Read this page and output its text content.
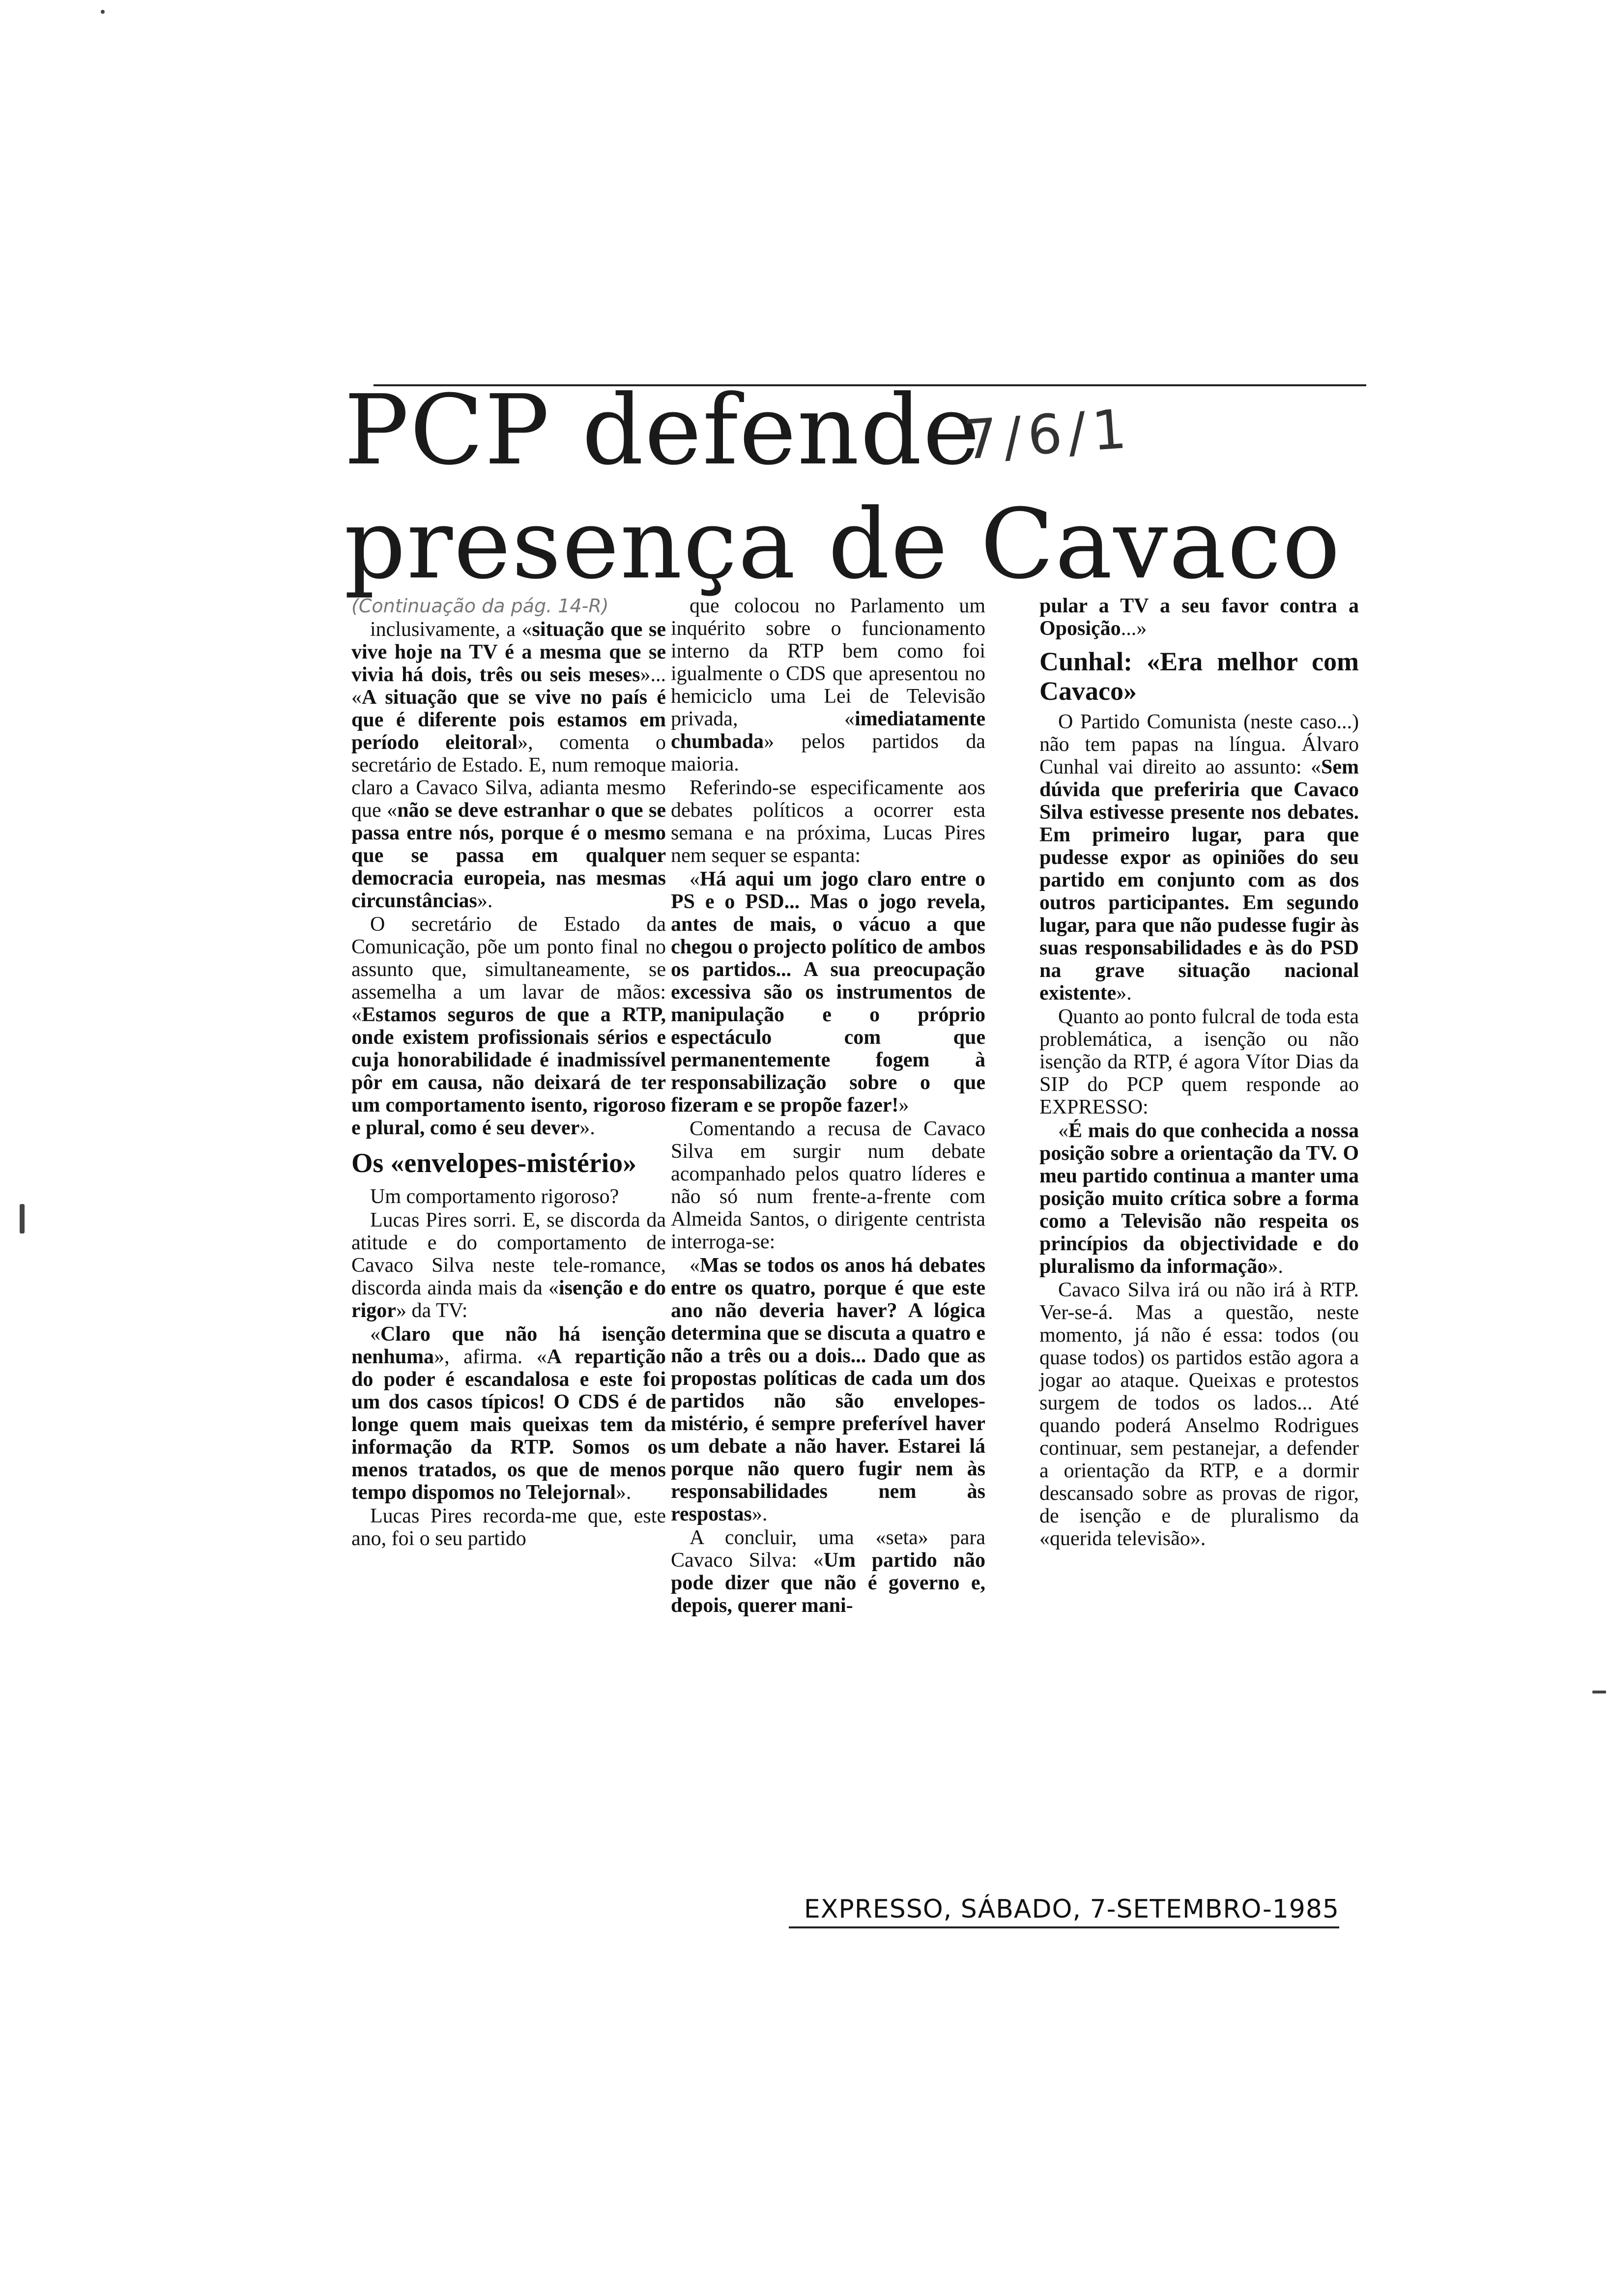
PCP defende
presença de Cavaco
7/6/1

(Continuação da pág. 14-R)

inclusivamente, a «situação que se vive hoje na TV é a mesma que se vivia há dois, três ou seis meses»... «A situação que se vive no país é que é diferente pois estamos em período eleitoral», comenta o secretário de Estado. E, num remoque claro a Cavaco Silva, adianta mesmo que «não se deve estranhar o que se passa entre nós, porque é o mesmo que se passa em qualquer democracia europeia, nas mesmas circunstâncias».

O secretário de Estado da Comunicação, põe um ponto final no assunto que, simultaneamente, se assemelha a um lavar de mãos: «Estamos seguros de que a RTP, onde existem profissionais sérios e cuja honorabilidade é inadmissível pôr em causa, não deixará de ter um comportamento isento, rigoroso e plural, como é seu dever».

Os «envelopes-mistério»

Um comportamento rigoroso?

Lucas Pires sorri. E, se discorda da atitude e do comportamento de Cavaco Silva neste tele-romance, discorda ainda mais da «isenção e do rigor» da TV:

«Claro que não há isenção nenhuma», afirma. «A repartição do poder é escandalosa e este foi um dos casos típicos! O CDS é de longe quem mais queixas tem da informação da RTP. Somos os menos tratados, os que de menos tempo dispomos no Telejornal».

Lucas Pires recorda-me que, este ano, foi o seu partido

que colocou no Parlamento um inquérito sobre o funcionamento interno da RTP bem como foi igualmente o CDS que apresentou no hemiciclo uma Lei de Televisão privada, «imediatamente chumbada» pelos partidos da maioria.

Referindo-se especificamente aos debates políticos a ocorrer esta semana e na próxima, Lucas Pires nem sequer se espanta:

«Há aqui um jogo claro entre o PS e o PSD... Mas o jogo revela, antes de mais, o vácuo a que chegou o projecto político de ambos os partidos... A sua preocupação excessiva são os instrumentos de manipulação e o próprio espectáculo com que permanentemente fogem à responsabilização sobre o que fizeram e se propõe fazer!»

Comentando a recusa de Cavaco Silva em surgir num debate acompanhado pelos quatro líderes e não só num frente-a-frente com Almeida Santos, o dirigente centrista interroga-se:

«Mas se todos os anos há debates entre os quatro, porque é que este ano não deveria haver? A lógica determina que se discuta a quatro e não a três ou a dois... Dado que as propostas políticas de cada um dos partidos não são envelopes-mistério, é sempre preferível haver um debate a não haver. Estarei lá porque não quero fugir nem às responsabilidades nem às respostas».

A concluir, uma «seta» para Cavaco Silva: «Um partido não pode dizer que não é governo e, depois, querer mani-

pular a TV a seu favor contra a Oposição...»

Cunhal: «Era melhor com Cavaco»

O Partido Comunista (neste caso...) não tem papas na língua. Álvaro Cunhal vai direito ao assunto: «Sem dúvida que preferiria que Cavaco Silva estivesse presente nos debates. Em primeiro lugar, para que pudesse expor as opiniões do seu partido em conjunto com as dos outros participantes. Em segundo lugar, para que não pudesse fugir às suas responsabilidades e às do PSD na grave situação nacional existente».

Quanto ao ponto fulcral de toda esta problemática, a isenção ou não isenção da RTP, é agora Vítor Dias da SIP do PCP quem responde ao EXPRESSO:

«É mais do que conhecida a nossa posição sobre a orientação da TV. O meu partido continua a manter uma posição muito crítica sobre a forma como a Televisão não respeita os princípios da objectividade e do pluralismo da informação».

Cavaco Silva irá ou não irá à RTP. Ver-se-á. Mas a questão, neste momento, já não é essa: todos (ou quase todos) os partidos estão agora a jogar ao ataque. Queixas e protestos surgem de todos os lados... Até quando poderá Anselmo Rodrigues continuar, sem pestanejar, a defender a orientação da RTP, e a dormir descansado sobre as provas de rigor, de isenção e de pluralismo da «querida televisão».

EXPRESSO, SÁBADO, 7-SETEMBRO-1985
